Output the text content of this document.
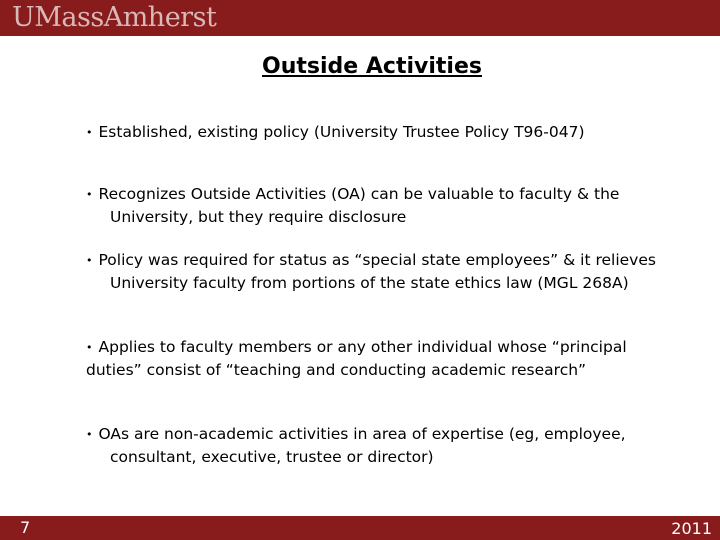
UMassAmherst
Outside Activities
• Established, existing policy (University Trustee Policy T96-047)
• Recognizes Outside Activities (OA) can be valuable to faculty & the University, but they require disclosure
• Policy was required for status as “special state employees” & it relieves University faculty from portions of the state ethics law (MGL 268A)
• Applies to faculty members or any other individual whose “principal duties” consist of “teaching and conducting academic research”
• OAs are non-academic activities in area of expertise (eg, employee, consultant, executive, trustee or director)
7	2011
